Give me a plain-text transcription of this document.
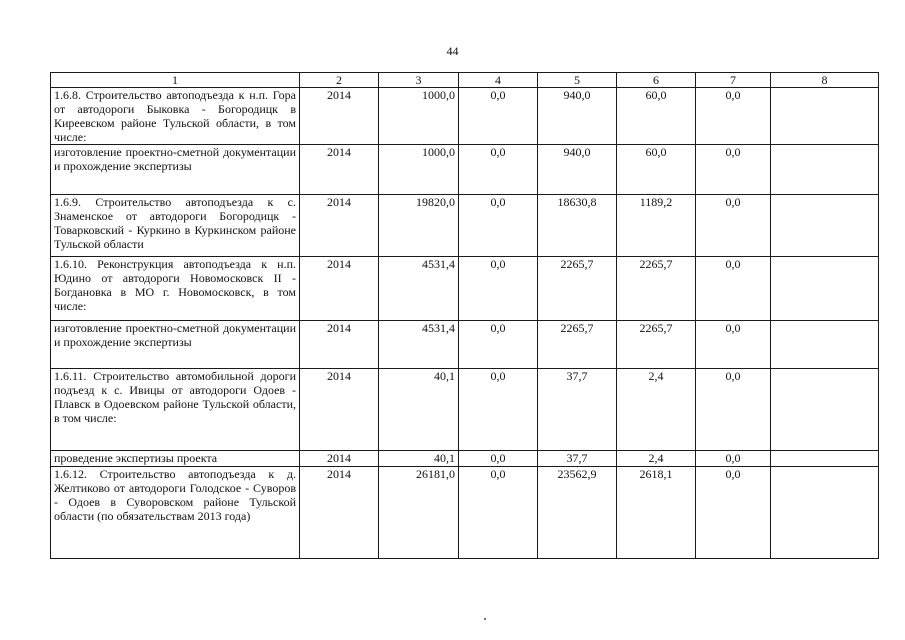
44
1	2	3	4	5	6	7	8
1.6.8. Строительство автоподъезда к н.п. Гора от автодороги Быковка - Богородицк в Киреевском районе Тульской области, в том числе:	2014	1000,0	0,0	940,0	60,0	0,0	
изготовление проектно-сметной документации и прохождение экспертизы	2014	1000,0	0,0	940,0	60,0	0,0	
1.6.9. Строительство автоподъезда к с. Знаменское от автодороги Богородицк - Товарковский - Куркино в Куркинском районе Тульской области	2014	19820,0	0,0	18630,8	1189,2	0,0	
1.6.10. Реконструкция автоподъезда к н.п. Юдино от автодороги Новомосковск II - Богдановка в МО г. Новомосковск, в том числе:	2014	4531,4	0,0	2265,7	2265,7	0,0	
изготовление проектно-сметной документации и прохождение экспертизы	2014	4531,4	0,0	2265,7	2265,7	0,0	
1.6.11. Строительство автомобильной дороги подъезд к с. Ивицы от автодороги Одоев - Плавск в Одоевском районе Тульской области, в том числе:	2014	40,1	0,0	37,7	2,4	0,0	
проведение экспертизы проекта	2014	40,1	0,0	37,7	2,4	0,0	
1.6.12. Строительство автоподъезда к д. Желтиково от автодороги Голодское - Суворов - Одоев в Суворовском районе Тульской области (по обязательствам 2013 года)	2014	26181,0	0,0	23562,9	2618,1	0,0	
